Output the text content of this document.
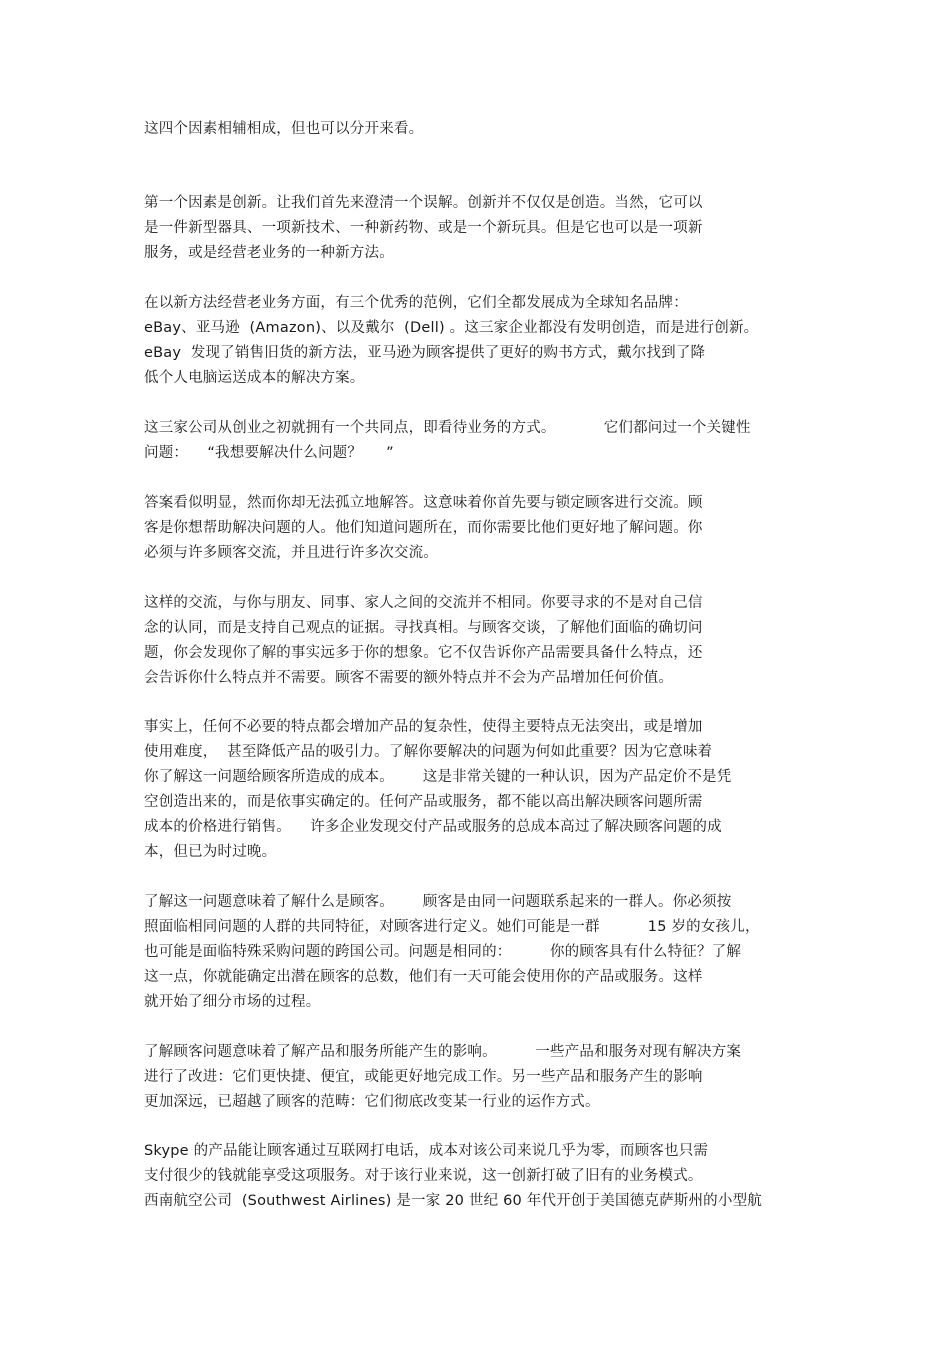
这四个因素相辅相成，但也可以分开来看。
第一个因素是创新。让我们首先来澄清一个误解。创新并不仅仅是创造。当然，它可以
是一件新型器具、一项新技术、一种新药物、或是一个新玩具。但是它也可以是一项新
服务，或是经营老业务的一种新方法。
在以新方法经营老业务方面，有三个优秀的范例，它们全都发展成为全球知名品牌：
eBay、亚马逊  (Amazon)、以及戴尔  (Dell) 。这三家企业都没有发明创造，而是进行创新。
eBay  发现了销售旧货的新方法，亚马逊为顾客提供了更好的购书方式，戴尔找到了降
低个人电脑运送成本的解决方案。
这三家公司从创业之初就拥有一个共同点，即看待业务的方式。          它们都问过一个关键性
问题：    “我想要解决什么问题？     ”
答案看似明显，然而你却无法孤立地解答。这意味着你首先要与锁定顾客进行交流。顾
客是你想帮助解决问题的人。他们知道问题所在，而你需要比他们更好地了解问题。你
必须与许多顾客交流，并且进行许多次交流。
这样的交流，与你与朋友、同事、家人之间的交流并不相同。你要寻求的不是对自己信
念的认同，而是支持自己观点的证据。寻找真相。与顾客交谈，了解他们面临的确切问
题，你会发现你了解的事实远多于你的想象。它不仅告诉你产品需要具备什么特点，还
会告诉你什么特点并不需要。顾客不需要的额外特点并不会为产品增加任何价值。
事实上，任何不必要的特点都会增加产品的复杂性，使得主要特点无法突出，或是增加
使用难度，  甚至降低产品的吸引力。了解你要解决的问题为何如此重要？因为它意味着
你了解这一问题给顾客所造成的成本。      这是非常关键的一种认识，因为产品定价不是凭
空创造出来的，而是依事实确定的。任何产品或服务，都不能以高出解决顾客问题所需
成本的价格进行销售。    许多企业发现交付产品或服务的总成本高过了解决顾客问题的成
本，但已为时过晚。
了解这一问题意味着了解什么是顾客。      顾客是由同一问题联系起来的一群人。你必须按
照面临相同问题的人群的共同特征，对顾客进行定义。她们可能是一群          15 岁的女孩儿，
也可能是面临特殊采购问题的跨国公司。问题是相同的：        你的顾客具有什么特征？了解
这一点，你就能确定出潜在顾客的总数，他们有一天可能会使用你的产品或服务。这样
就开始了细分市场的过程。
了解顾客问题意味着了解产品和服务所能产生的影响。        一些产品和服务对现有解决方案
进行了改进：它们更快捷、便宜，或能更好地完成工作。另一些产品和服务产生的影响
更加深远，已超越了顾客的范畴：它们彻底改变某一行业的运作方式。
Skype 的产品能让顾客通过互联网打电话，成本对该公司来说几乎为零，而顾客也只需
支付很少的钱就能享受这项服务。对于该行业来说，这一创新打破了旧有的业务模式。
西南航空公司  (Southwest Airlines) 是一家 20 世纪 60 年代开创于美国德克萨斯州的小型航
